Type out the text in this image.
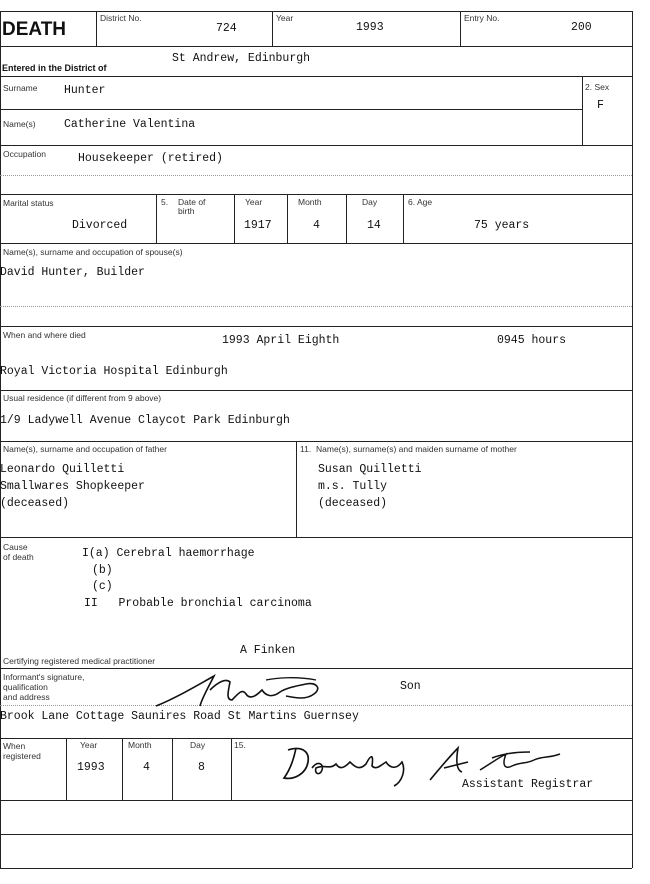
DEATH
District No.
724
Year
1993
Entry No.
200
Entered in the District of
St Andrew, Edinburgh
Surname Hunter	2. Sex
F
Name(s) Catherine Valentina
Occupation	Housekeeper (retired)
Marital status
Divorced
5. Date of birth
Year
1917
Month
4
Day
14
6. Age
75 years
Name(s), surname and occupation of spouse(s)
David Hunter, Builder
When and where died	1993 April Eighth	0945 hours
Royal Victoria Hospital Edinburgh
Usual residence (if different from 9 above)
1/9 Ladywell Avenue Claycot Park Edinburgh
Name(s), surname and occupation of father
Leonardo Quilletti
Smallwares Shopkeeper
(deceased)
11. Name(s), surname(s) and maiden surname of mother
Susan Quilletti
m.s. Tully
(deceased)
Cause
of death	I(a) Cerebral haemorrhage
(b)
(c)
II   Probable bronchial carcinoma
Certifying registered medical practitioner
A Finken
Informant's signature,
qualification
and address
Son
Brook Lane Cottage Saunires Road St Martins Guernsey
When
registered
Year
1993
Month
4
Day
8
15.
Assistant Registrar
